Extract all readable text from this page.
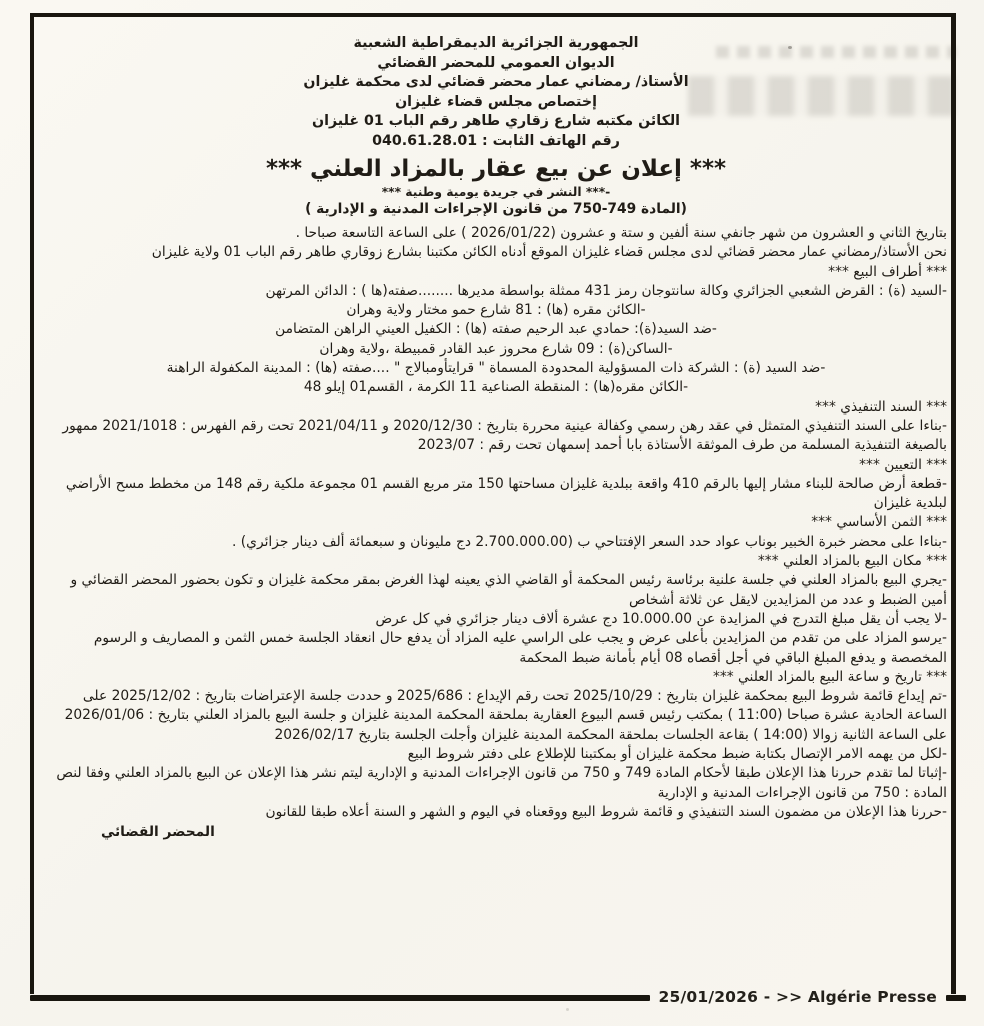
الجمهورية الجزائرية الديمقراطية الشعبية
الديوان العمومي للمحضر القضائي
الأستاذ/ رمضاني عمار محضر قضائي لدى محكمة غليزان
إختصاص مجلس قضاء غليزان
الكائن مكتبه شارع زقاري طاهر رقم الباب 01 غليزان
رقم الهاتف الثابت : 040.61.28.01
*** إعلان عن بيع عقار بالمزاد العلني ***
-*** النشر في جريدة يومية وطنية ***
(المادة 749-750 من قانون الإجراءات المدنية و الإدارية )
بتاريخ الثاني و العشرون من شهر جانفي سنة ألفين و ستة و عشرون (2026/01/22 ) على الساعة التاسعة صباحا .
نحن الأستاذ/رمضاني عمار محضر قضائي لدى مجلس قضاء غليزان الموقع أدناه الكائن مكتبنا بشارع زوقاري طاهر رقم الباب 01 ولاية غليزان
*** أطراف البيع ***
-السيد (ة) : القرض الشعبي الجزائري وكالة سانتوجان رمز 431 ممثلة بواسطة مديرها ........صفته(ها ) : الدائن المرتهن
-الكائن مقره (ها) : 81 شارع حمو مختار ولاية وهران
-ضد السيد(ة): حمادي عبد الرحيم صفته (ها) : الكفيل العيني الراهن المتضامن
-الساكن(ة) : 09 شارع محروز عبد القادر قمبيطة ،ولاية وهران
-ضد السيد (ة) : الشركة ذات المسؤولية المحدودة المسماة " قرايتأومبالاج " ....صفته (ها) : المدينة المكفولة الراهنة
-الكائن مقره(ها) : المنقطة الصناعية 11 الكرمة ، القسم01 إيلو 48
*** السند التنفيذي ***
-بناءا على السند التنفيذي المتمثل في عقد رهن رسمي وكفالة عينية محررة بتاريخ : 2020/12/30 و 2021/04/11 تحت رقم الفهرس : 2021/1018 ممهور بالصيغة التنفيذية المسلمة من طرف الموثقة الأستاذة بابا أحمد إسمهان تحت رقم : 2023/07
*** التعيين ***
-قطعة أرض صالحة للبناء مشار إليها بالرقم 410 واقعة ببلدية غليزان مساحتها 150 متر مربع القسم 01 مجموعة ملكية رقم 148 من مخطط مسح الأراضي لبلدية غليزان
*** الثمن الأساسي ***
-بناءا على محضر خبرة الخبير بوناب عواد حدد السعر الإفتتاحي ب (2.700.000.00 دج مليونان و سبعمائة ألف دينار جزائري) .
*** مكان البيع بالمزاد العلني ***
-يجري البيع بالمزاد العلني في جلسة علنية برئاسة رئيس المحكمة أو القاضي الذي يعينه لهذا الغرض بمقر محكمة غليزان و تكون بحضور المحضر القضائي و أمين الضبط و عدد من المزايدين لايقل عن ثلاثة أشخاص
-لا يجب أن يقل مبلغ التدرج في المزايدة عن 10.000.00 دج عشرة ألاف دينار جزائري في كل عرض
-يرسو المزاد على من تقدم من المزايدين بأعلى عرض و يجب على الراسي عليه المزاد أن يدفع حال انعقاد الجلسة خمس الثمن و المصاريف و الرسوم المخصصة و يدفع المبلغ الباقي في أجل أقصاه 08 أيام بأمانة ضبط المحكمة
*** تاريخ و ساعة البيع بالمزاد العلني ***
-تم إيداع قائمة شروط البيع بمحكمة غليزان بتاريخ : 2025/10/29 تحت رقم الإيداع : 2025/686 و حددت جلسة الإعتراضات بتاريخ : 2025/12/02 على الساعة الحادية عشرة صباحا (11:00 ) بمكتب رئيس قسم البيوع العقارية بملحقة المحكمة المدينة غليزان و جلسة البيع بالمزاد العلني بتاريخ : 2026/01/06 على الساعة الثانية زوالا (14:00 ) بقاعة الجلسات بملحقة المحكمة المدينة غليزان وأجلت الجلسة بتاريخ 2026/02/17
-لكل من يهمه الامر الإتصال بكتابة ضبط محكمة غليزان أو بمكتبنا للإطلاع على دفتر شروط البيع
-إثباتا لما تقدم حررنا هذا الإعلان طبقا لأحكام المادة 749 و 750 من قانون الإجراءات المدنية و الإدارية ليتم نشر هذا الإعلان عن البيع بالمزاد العلني وفقا لنص المادة : 750 من قانون الإجراءات المدنية و الإدارية
-حررنا هذا الإعلان من مضمون السند التنفيذي و قائمة شروط البيع ووقعناه في اليوم و الشهر و السنة أعلاه طبقا للقانون
المحضر القضائي
25/01/2026 - >> Algérie Presse
